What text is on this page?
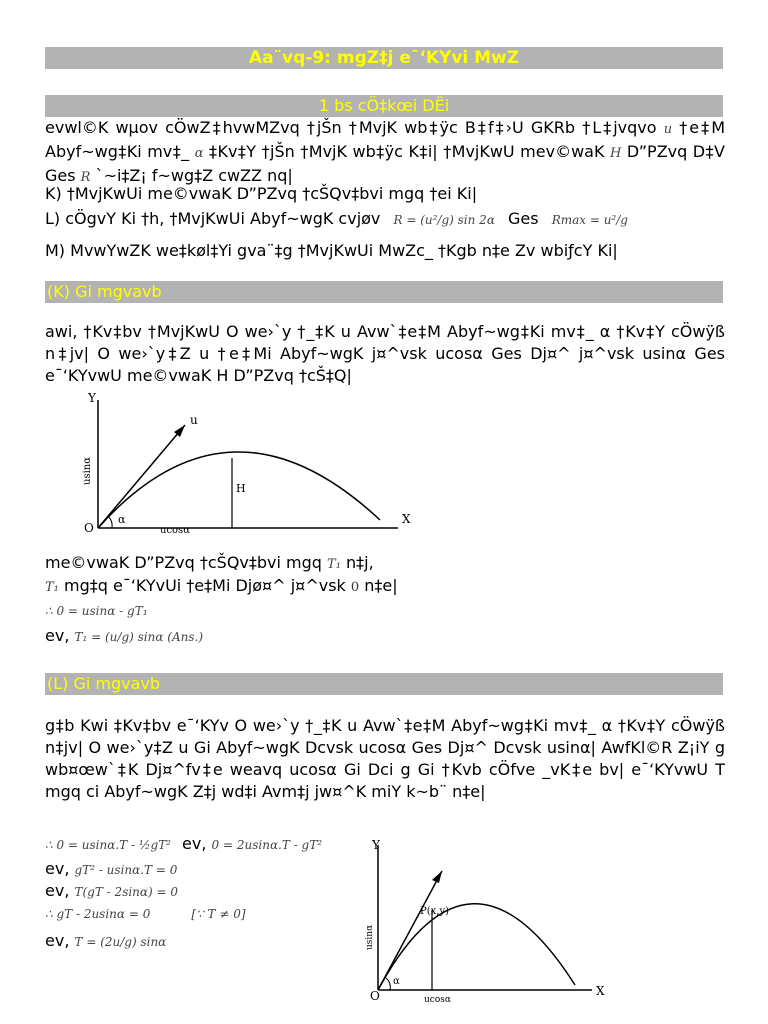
Aa¨vq-9: mgZ‡j e¯‘KYvi MwZ
1 bs cÖ‡kœi DËi
evwl©K wµov cÖwZ‡hvwMZvq †jŠn †MvjK wb‡ÿc B‡f‡›U GKRb †L‡jvqvo u †e‡M Abyf~wg‡Ki mv‡_ α ‡Kv‡Y †jŠn †MvjK wb‡ÿc K‡i| †MvjKwU mev©waK H D”PZvq D‡V Ges R `~i‡Z¡ f~wg‡Z cwZZ nq|
K) †MvjKwUi me©vwaK D”PZvq †cŠQv‡bvi mgq †ei Ki|
L) cÖgvY Ki †h, †MvjKwUi Abyf~wgK cvjøv R = (u²/g) sin 2α Ges Rmax = u²/g
M) MvwYwZK we‡køl‡Yi gva¨‡g †MvjKwUi MwZc_ †Kgb n‡e Zv wbiƒcY Ki|
(K) Gi mgvavb
awi, †Kv‡bv †MvjKwU O we›`y †_‡K u Avw`‡e‡M Abyf~wg‡Ki mv‡_ α †Kv‡Y cÖwÿß n‡jv| O we›`y‡Z u †e‡Mi Abyf~wgK j¤^vsk ucosα Ges Dj¤^ j¤^vsk usinα Ges e¯‘KYvwU me©vwaK H D”PZvq †cŠ‡Q|
Y
X
O
u
α
H
ucosα
usinα
me©vwaK D”PZvq †cŠQv‡bvi mgq T₁ n‡j,
T₁ mg‡q e¯‘KYvUi †e‡Mi Djø¤^ j¤^vsk 0 n‡e|
∴ 0 = usinα - gT₁
ev, T₁ = (u/g) sinα (Ans.)
(L) Gi mgvavb
g‡b Kwi ‡Kv‡bv e¯‘KYv O we›`y †_‡K u Avw`‡e‡M Abyf~wg‡Ki mv‡_ α †Kv‡Y cÖwÿß n‡jv| O we›`y‡Z u Gi Abyf~wgK Dcvsk ucosα Ges Dj¤^ Dcvsk usinα| AwfKl©R Z¡iY g wb¤œw`‡K Dj¤^fv‡e weavq ucosα Gi Dci g Gi †Kvb cÖfve _vK‡e bv| e¯‘KYvwU T mgq ci Abyf~wgK Z‡j wd‡i Avm‡j jw¤^K miY k~b¨ n‡e|
∴ 0 = usinα.T - ½gT² ev, 0 = 2usinα.T - gT²
ev, gT² - usinα.T = 0
ev, T(gT - 2sinα) = 0
∴ gT - 2usinα = 0	[∵ T ≠ 0]
ev, T = (2u/g) sinα
Y
X
O
α
P(x,y)
ucosα
usinα
